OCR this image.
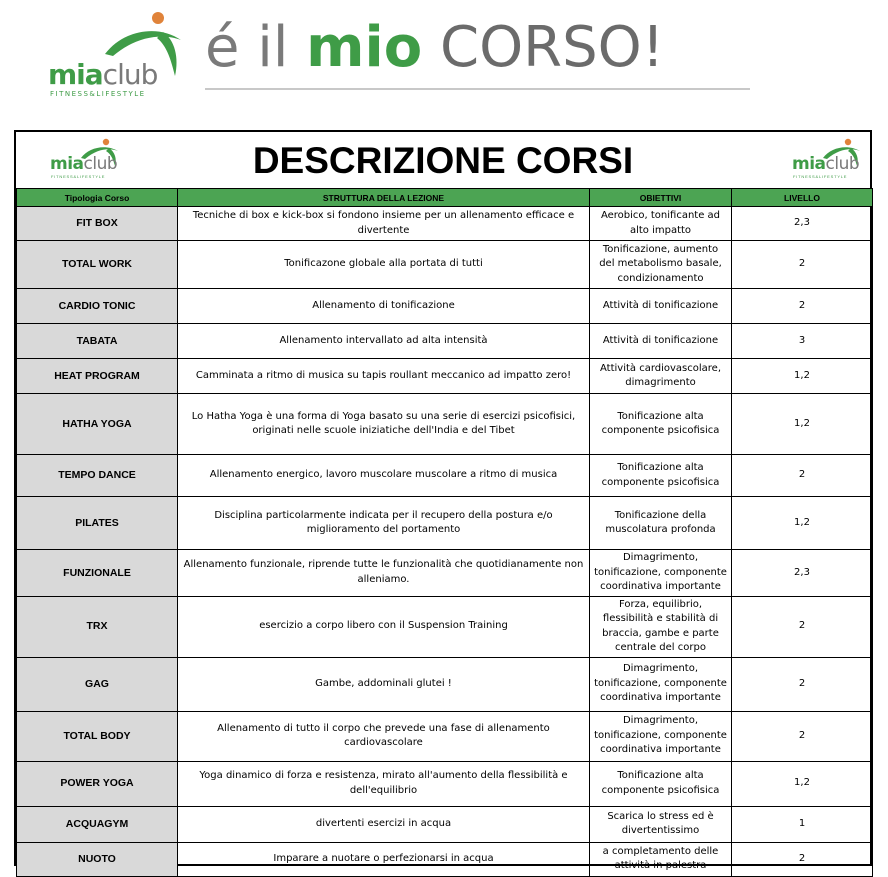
miaclub
FITNESS&LIFESTYLE
é il mio CORSO!
miaclub
FITNESS&LIFESTYLE	DESCRIZIONE CORSI	miaclub
FITNESS&LIFESTYLE
Tipologia Corso	STRUTTURA DELLA LEZIONE	OBIETTIVI	LIVELLO
FIT BOX	Tecniche di box e kick-box si fondono insieme per un allenamento efficace e divertente	Aerobico, tonificante ad alto impatto	2,3
TOTAL WORK	Tonificazone globale alla portata di tutti	Tonificazione, aumento del metabolismo basale, condizionamento	2
CARDIO TONIC	Allenamento di tonificazione	Attività di tonificazione	2
TABATA	Allenamento intervallato ad alta intensità	Attività di tonificazione	3
HEAT PROGRAM	Camminata a ritmo di musica su tapis roullant meccanico ad impatto zero!	Attività cardiovascolare, dimagrimento	1,2
HATHA YOGA	Lo Hatha Yoga è una forma di Yoga basato su una serie di esercizi psicofisici, originati nelle scuole iniziatiche dell'India e del Tibet	Tonificazione alta componente psicofisica	1,2
TEMPO DANCE	Allenamento energico, lavoro muscolare muscolare a ritmo di musica	Tonificazione alta componente psicofisica	2
PILATES	Disciplina particolarmente indicata per il recupero della postura e/o miglioramento del portamento	Tonificazione della muscolatura profonda	1,2
FUNZIONALE	Allenamento funzionale, riprende tutte le funzionalità che quotidianamente non alleniamo.	Dimagrimento, tonificazione, componente coordinativa importante	2,3
TRX	esercizio a corpo libero con il Suspension Training	Forza, equilibrio, flessibilità e stabilità di braccia, gambe e parte centrale del corpo	2
GAG	Gambe, addominali glutei !	Dimagrimento, tonificazione, componente coordinativa importante	2
TOTAL BODY	Allenamento di tutto il corpo che prevede una fase di allenamento cardiovascolare	Dimagrimento, tonificazione, componente coordinativa importante	2
POWER YOGA	Yoga dinamico di forza e resistenza, mirato all'aumento della flessibilità e dell'equilibrio	Tonificazione alta componente psicofisica	1,2
ACQUAGYM	divertenti esercizi in acqua	Scarica lo stress ed è divertentissimo	1
NUOTO	Imparare a nuotare o perfezionarsi in acqua	a completamento delle attività in palestra	2
